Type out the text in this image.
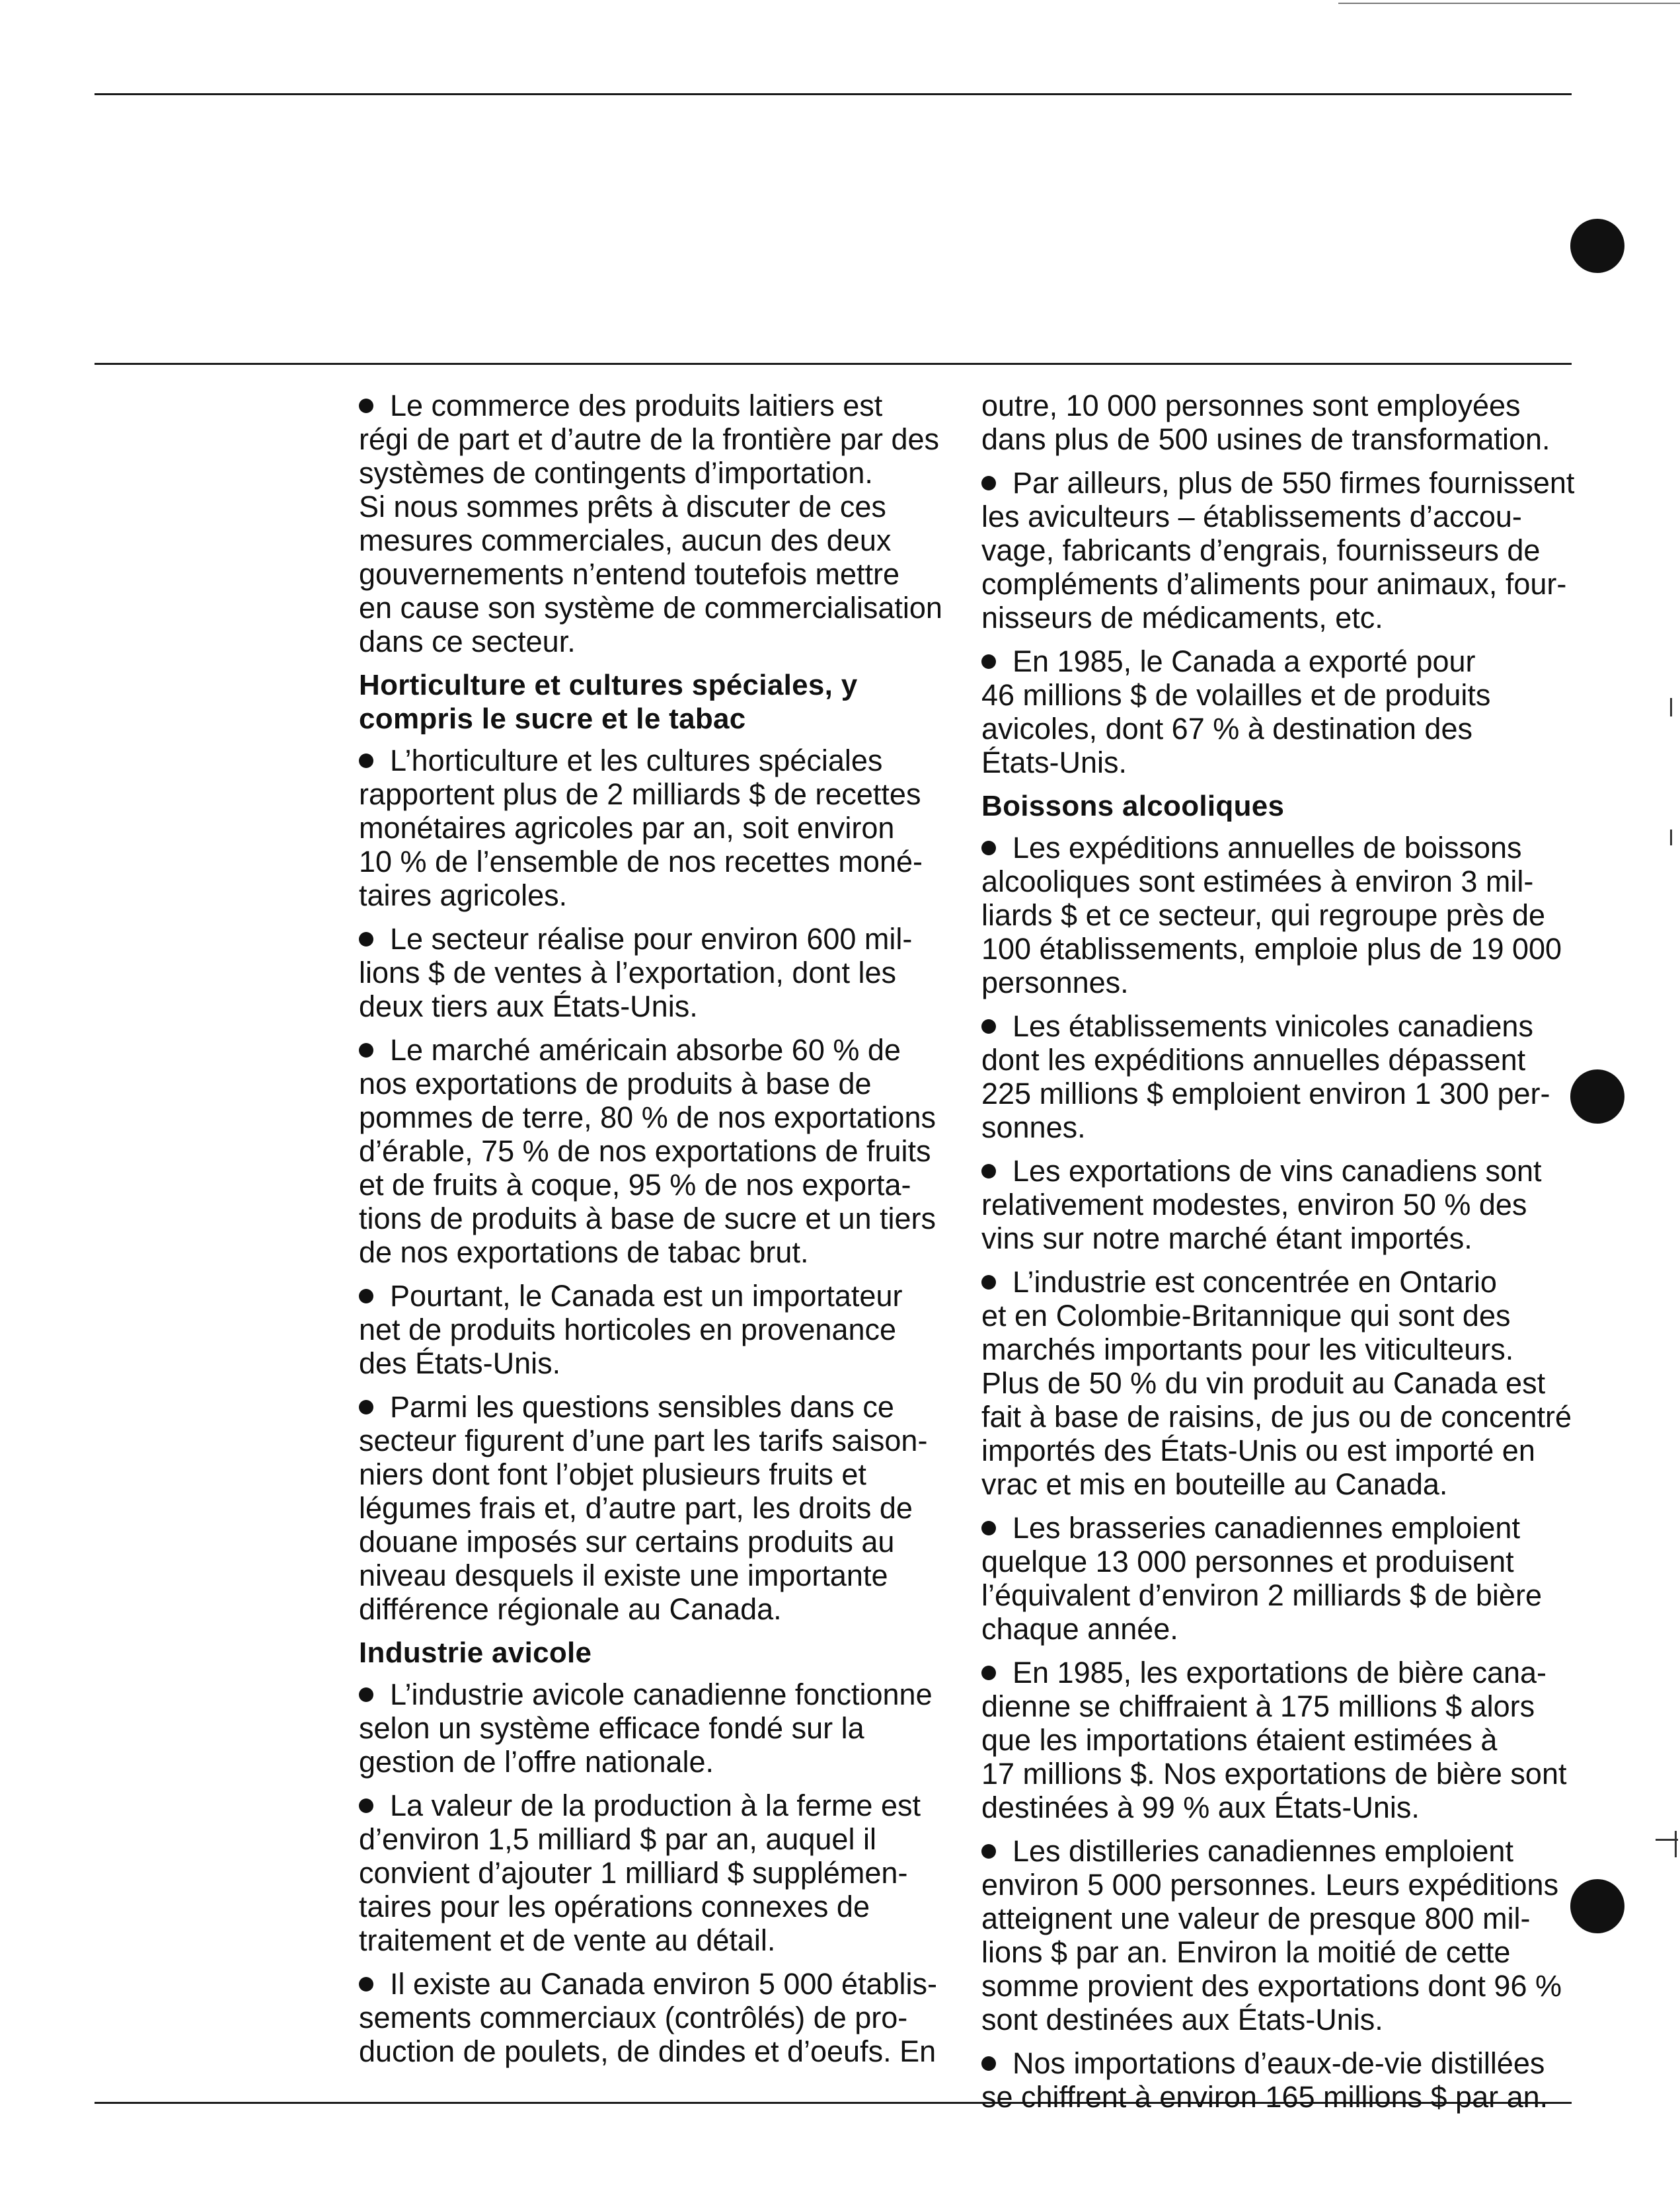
Le commerce des produits laitiers est
régi de part et d’autre de la frontière par des
systèmes de contingents d’importation.
Si nous sommes prêts à discuter de ces
mesures commerciales, aucun des deux
gouvernements n’entend toutefois mettre
en cause son système de commercialisation
dans ce secteur.
Horticulture et cultures spéciales, y
compris le sucre et le tabac
L’horticulture et les cultures spéciales
rapportent plus de 2 milliards $ de recettes
monétaires agricoles par an, soit environ
10 % de l’ensemble de nos recettes moné-
taires agricoles.
Le secteur réalise pour environ 600 mil-
lions $ de ventes à l’exportation, dont les
deux tiers aux États-Unis.
Le marché américain absorbe 60 % de
nos exportations de produits à base de
pommes de terre, 80 % de nos exportations
d’érable, 75 % de nos exportations de fruits
et de fruits à coque, 95 % de nos exporta-
tions de produits à base de sucre et un tiers
de nos exportations de tabac brut.
Pourtant, le Canada est un importateur
net de produits horticoles en provenance
des États-Unis.
Parmi les questions sensibles dans ce
secteur figurent d’une part les tarifs saison-
niers dont font l’objet plusieurs fruits et
légumes frais et, d’autre part, les droits de
douane imposés sur certains produits au
niveau desquels il existe une importante
différence régionale au Canada.
Industrie avicole
L’industrie avicole canadienne fonctionne
selon un système efficace fondé sur la
gestion de l’offre nationale.
La valeur de la production à la ferme est
d’environ 1,5 milliard $ par an, auquel il
convient d’ajouter 1 milliard $ supplémen-
taires pour les opérations connexes de
traitement et de vente au détail.
Il existe au Canada environ 5 000 établis-
sements commerciaux (contrôlés) de pro-
duction de poulets, de dindes et d’oeufs. En
outre, 10 000 personnes sont employées
dans plus de 500 usines de transformation.
Par ailleurs, plus de 550 firmes fournissent
les aviculteurs – établissements d’accou-
vage, fabricants d’engrais, fournisseurs de
compléments d’aliments pour animaux, four-
nisseurs de médicaments, etc.
En 1985, le Canada a exporté pour
46 millions $ de volailles et de produits
avicoles, dont 67 % à destination des
États-Unis.
Boissons alcooliques
Les expéditions annuelles de boissons
alcooliques sont estimées à environ 3 mil-
liards $ et ce secteur, qui regroupe près de
100 établissements, emploie plus de 19 000
personnes.
Les établissements vinicoles canadiens
dont les expéditions annuelles dépassent
225 millions $ emploient environ 1 300 per-
sonnes.
Les exportations de vins canadiens sont
relativement modestes, environ 50 % des
vins sur notre marché étant importés.
L’industrie est concentrée en Ontario
et en Colombie-Britannique qui sont des
marchés importants pour les viticulteurs.
Plus de 50 % du vin produit au Canada est
fait à base de raisins, de jus ou de concentré
importés des États-Unis ou est importé en
vrac et mis en bouteille au Canada.
Les brasseries canadiennes emploient
quelque 13 000 personnes et produisent
l’équivalent d’environ 2 milliards $ de bière
chaque année.
En 1985, les exportations de bière cana-
dienne se chiffraient à 175 millions $ alors
que les importations étaient estimées à
17 millions $. Nos exportations de bière sont
destinées à 99 % aux États-Unis.
Les distilleries canadiennes emploient
environ 5 000 personnes. Leurs expéditions
atteignent une valeur de presque 800 mil-
lions $ par an. Environ la moitié de cette
somme provient des exportations dont 96 %
sont destinées aux États-Unis.
Nos importations d’eaux-de-vie distillées
se chiffrent à environ 165 millions $ par an.
